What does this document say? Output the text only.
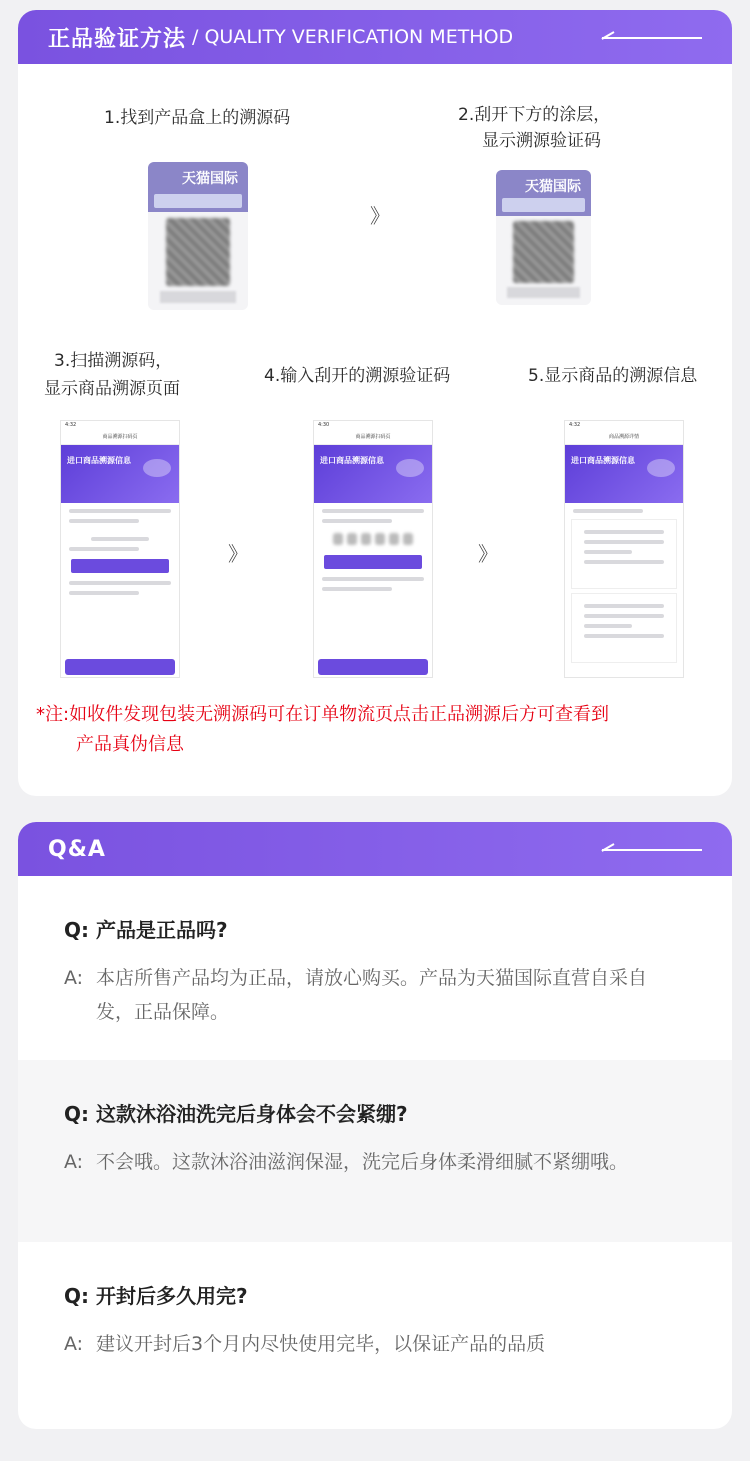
正品验证方法 / QUALITY VERIFICATION METHOD
1.找到产品盒上的溯源码
天猫国际
》
2.刮开下方的涂层，
显示溯源验证码
天猫国际
3.扫描溯源码，
显示商品溯源页面
4.输入刮开的溯源验证码	5.显示商品的溯源信息
4:32
商品溯源扫码页
进口商品溯源信息
》
4:30
商品溯源扫码页
进口商品溯源信息
》
4:32
商品溯源详情
进口商品溯源信息
*注:如收件发现包装无溯源码可在订单物流页点击正品溯源后方可查看到
产品真伪信息
Q&A
Q: 产品是正品吗?
A: 本店所售产品均为正品，请放心购买。产品为天猫国际直营自采自发，正品保障。
Q: 这款沐浴油洗完后身体会不会紧绷?
A: 不会哦。这款沐浴油滋润保湿，洗完后身体柔滑细腻不紧绷哦。
Q: 开封后多久用完?
A: 建议开封后3个月内尽快使用完毕，以保证产品的品质
